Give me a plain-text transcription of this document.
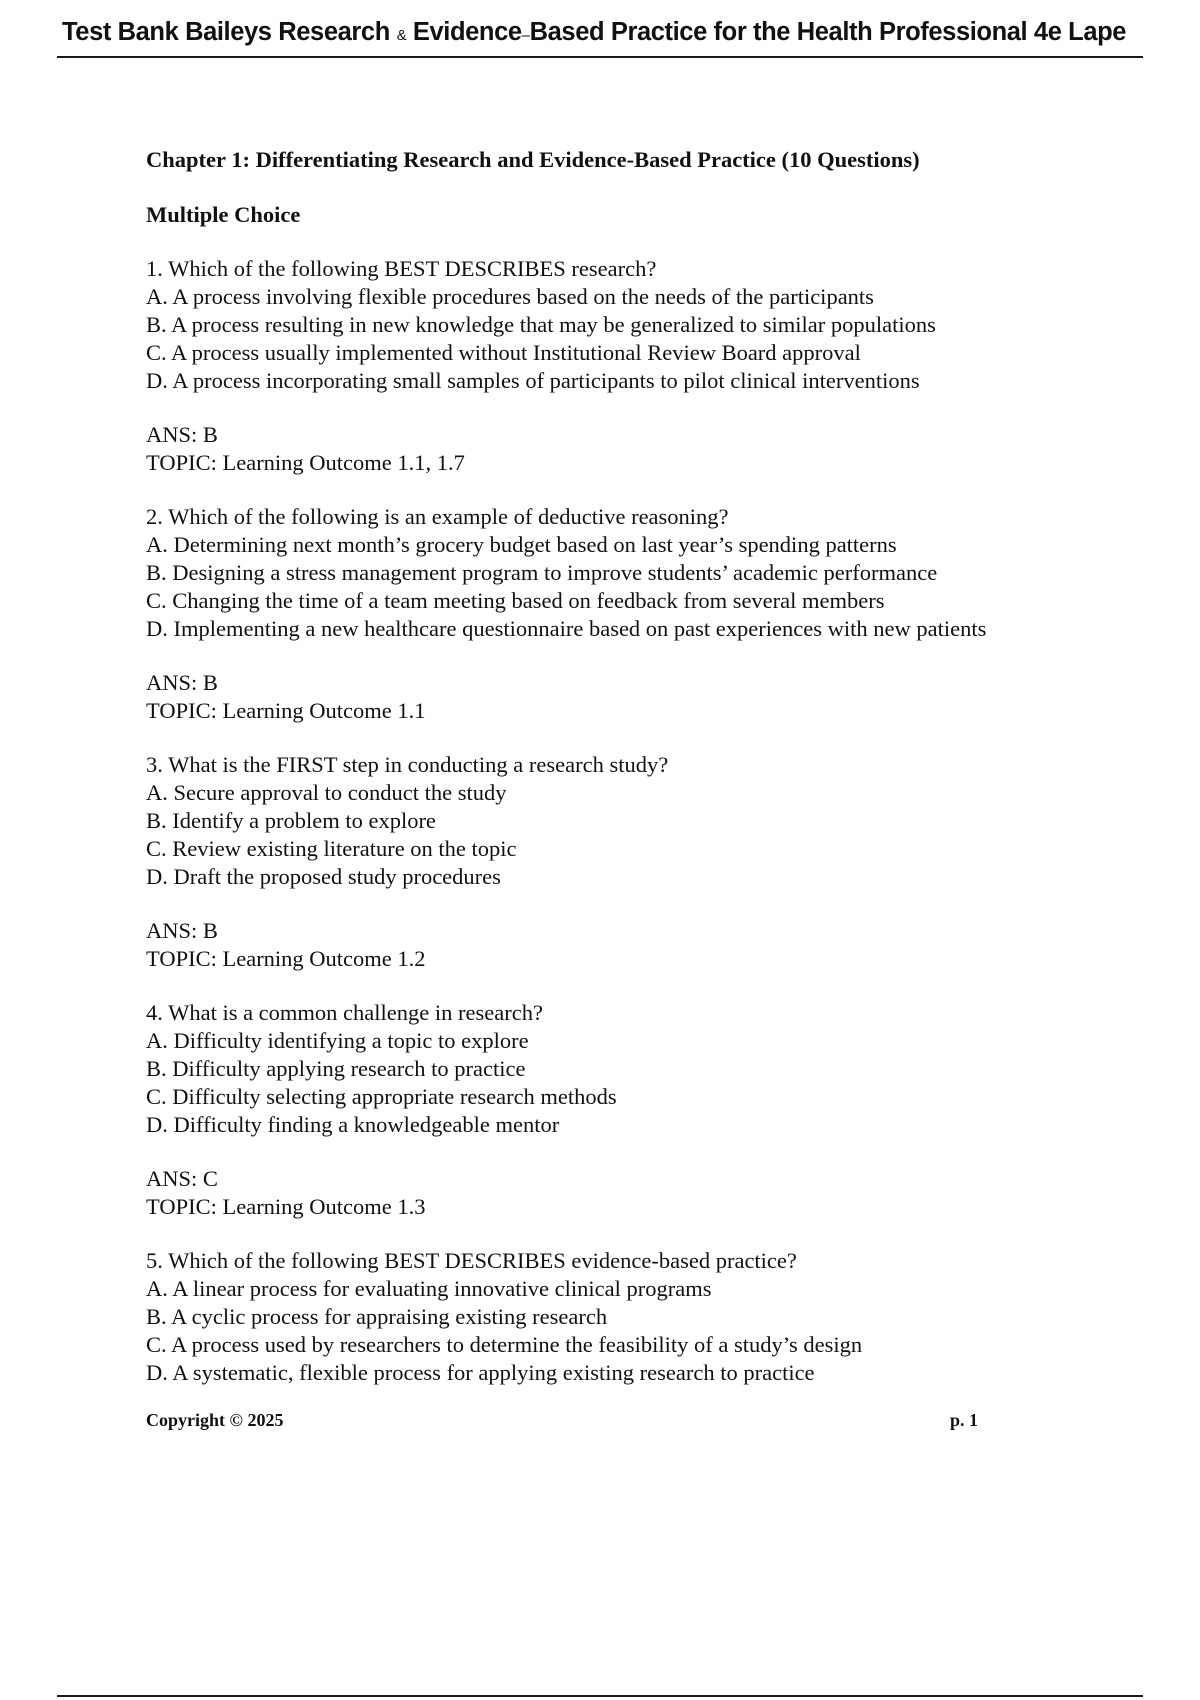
Test Bank Baileys Research & Evidence–Based Practice for the Health Professional 4e Lape
Chapter 1: Differentiating Research and Evidence-Based Practice (10 Questions)
Multiple Choice
1. Which of the following BEST DESCRIBES research?
A. A process involving flexible procedures based on the needs of the participants
B. A process resulting in new knowledge that may be generalized to similar populations
C. A process usually implemented without Institutional Review Board approval
D. A process incorporating small samples of participants to pilot clinical interventions
ANS: B
TOPIC: Learning Outcome 1.1, 1.7
2. Which of the following is an example of deductive reasoning?
A. Determining next month’s grocery budget based on last year’s spending patterns
B. Designing a stress management program to improve students’ academic performance
C. Changing the time of a team meeting based on feedback from several members
D. Implementing a new healthcare questionnaire based on past experiences with new patients
ANS: B
TOPIC: Learning Outcome 1.1
3. What is the FIRST step in conducting a research study?
A. Secure approval to conduct the study
B. Identify a problem to explore
C. Review existing literature on the topic
D. Draft the proposed study procedures
ANS: B
TOPIC: Learning Outcome 1.2
4. What is a common challenge in research?
A. Difficulty identifying a topic to explore
B. Difficulty applying research to practice
C. Difficulty selecting appropriate research methods
D. Difficulty finding a knowledgeable mentor
ANS: C
TOPIC: Learning Outcome 1.3
5. Which of the following BEST DESCRIBES evidence-based practice?
A. A linear process for evaluating innovative clinical programs
B. A cyclic process for appraising existing research
C. A process used by researchers to determine the feasibility of a study’s design
D. A systematic, flexible process for applying existing research to practice
Copyright © 2025	p. 1
